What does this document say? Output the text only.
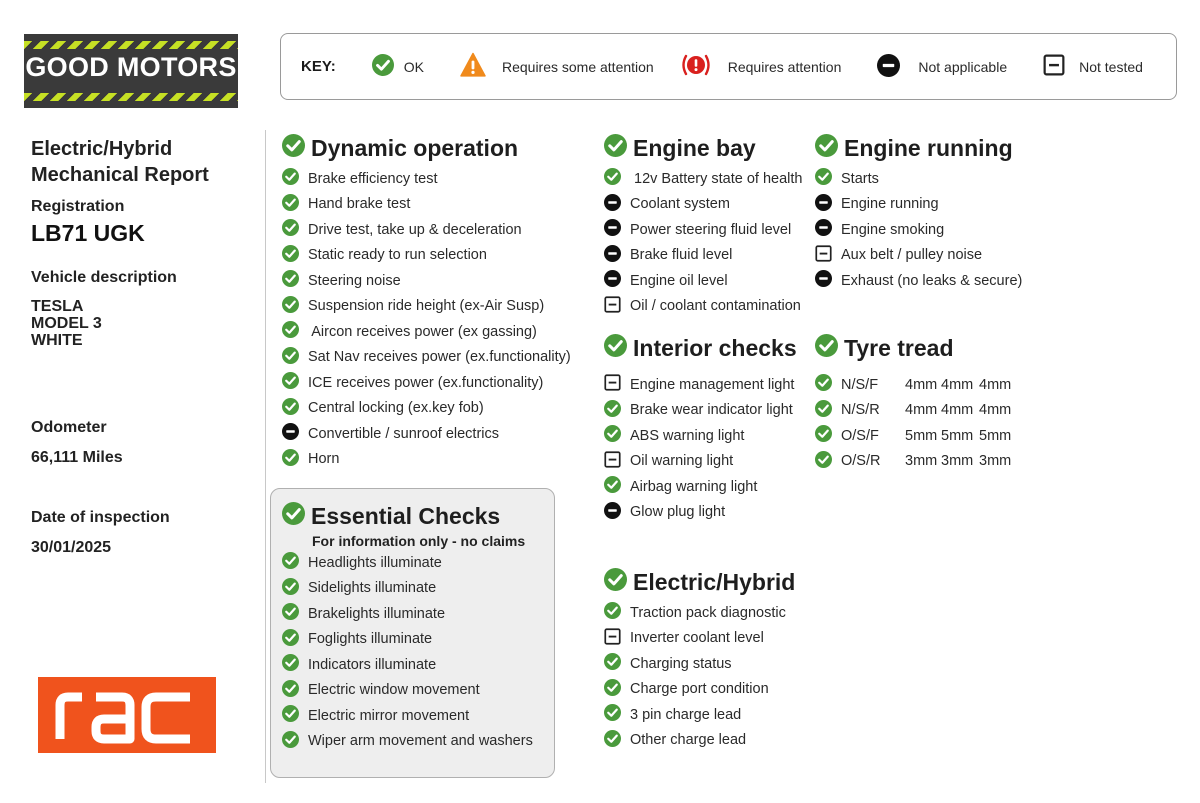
GOOD MOTORS	KEY:	OK	Requires some attention	Requires attention	Not applicable	Not tested
Electric/Hybrid
Mechanical Report
Registration
LB71 UGK
Vehicle description
TESLA
MODEL 3
WHITE
Odometer
66,111 Miles
Date of inspection
30/01/2025
Dynamic operation
Brake efficiency test
Hand brake test
Drive test, take up & deceleration
Static ready to run selection
Steering noise
Suspension ride height (ex-Air Susp)
Aircon receives power (ex gassing)
Sat Nav receives power (ex.functionality)
ICE receives power (ex.functionality)
Central locking (ex.key fob)
Convertible / sunroof electrics
Horn
Essential Checks
For information only - no claims
Headlights illuminate
Sidelights illuminate
Brakelights illuminate
Foglights illuminate
Indicators illuminate
Electric window movement
Electric mirror movement
Wiper arm movement and washers
Engine bay
12v Battery state of health
Coolant system
Power steering fluid level
Brake fluid level
Engine oil level
Oil / coolant contamination
Interior checks
Engine management light
Brake wear indicator light
ABS warning light
Oil warning light
Airbag warning light
Glow plug light
Electric/Hybrid
Traction pack diagnostic
Inverter coolant level
Charging status
Charge port condition
3 pin charge lead
Other charge lead
Engine running
Starts
Engine running
Engine smoking
Aux belt / pulley noise
Exhaust (no leaks & secure)
Tyre tread
N/S/F	4mm 4mm 4mm
N/S/R	4mm 4mm 4mm
O/S/F	5mm 5mm 5mm
O/S/R	3mm 3mm 3mm
